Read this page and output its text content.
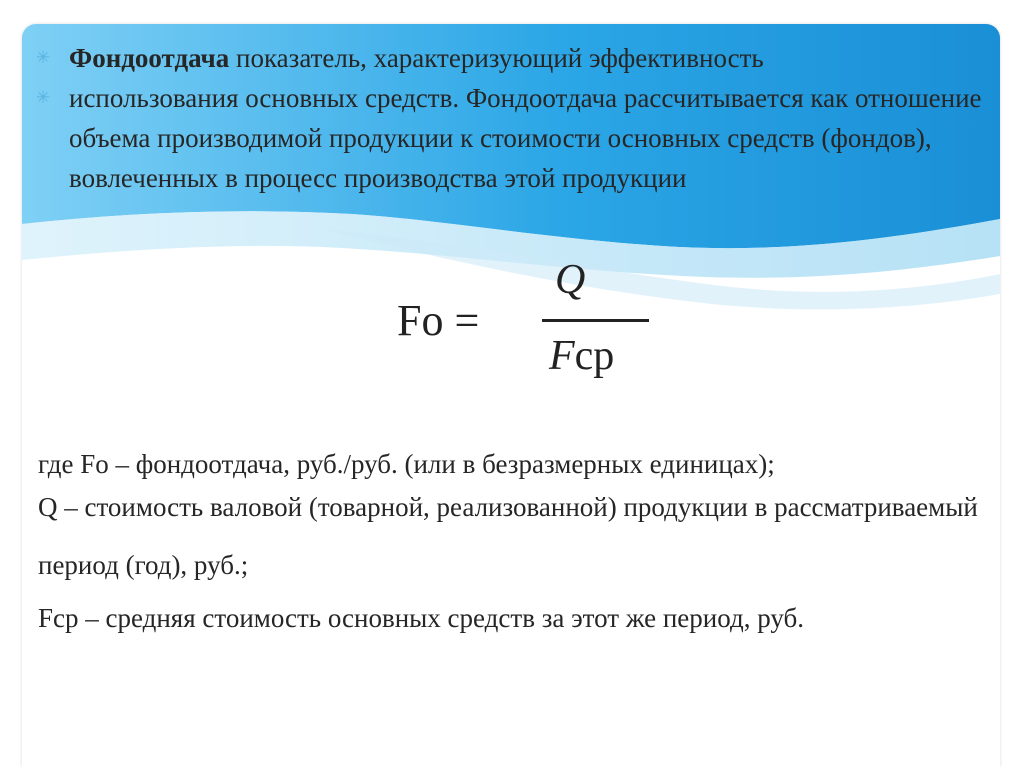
✳ Фондоотдача показатель, характеризующий эффективность
✳ использования основных средств. Фондоотдача рассчитывается как отношение объема производимой продукции к стоимости основных средств (фондов), вовлеченных в процесс производства этой продукции
Fо =
Q
Fср

где Fо – фондоотдача, руб./руб. (или в безразмерных единицах);

Q – стоимость валовой (товарной, реализованной) продукции в рассматриваемый период (год), руб.;

Fср – средняя стоимость основных средств за этот же период, руб.
